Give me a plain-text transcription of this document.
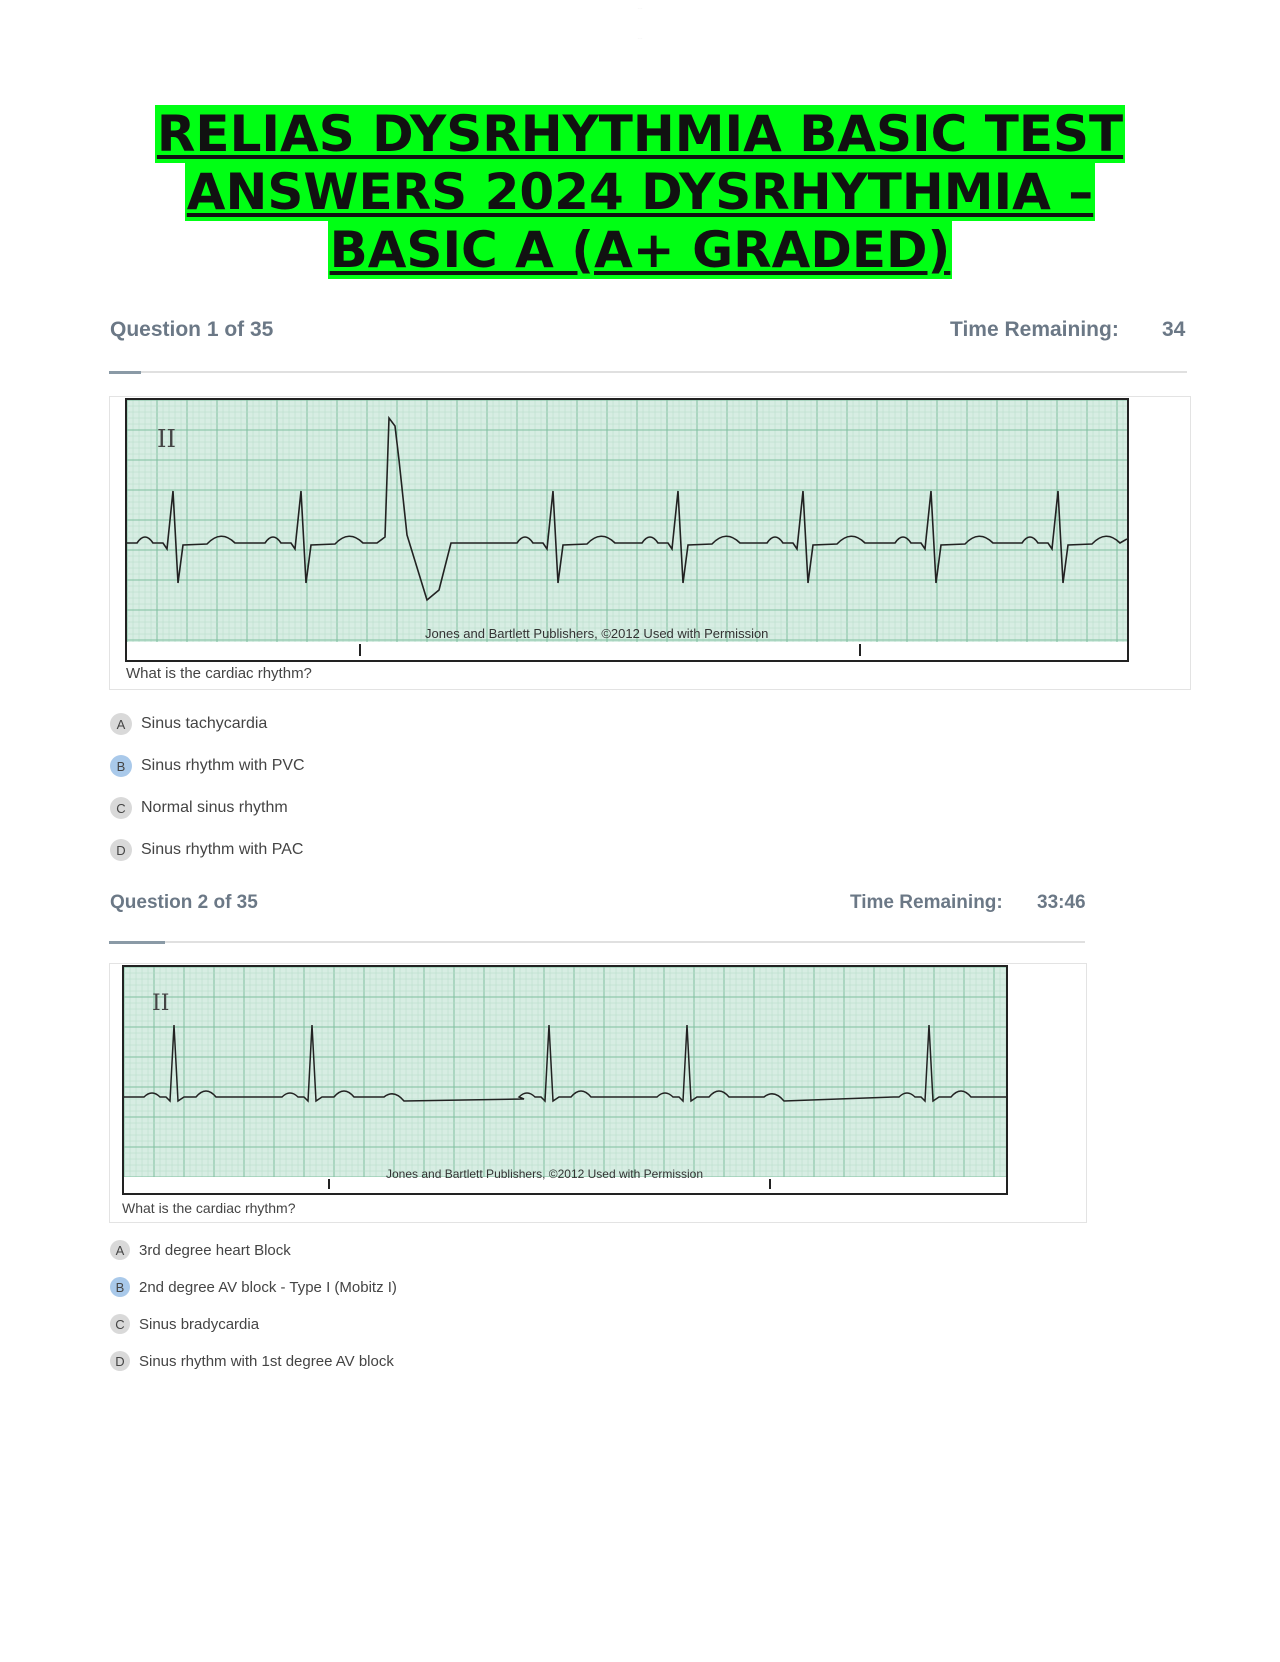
· · ·
· · ·
RELIAS DYSRHYTHMIA BASIC TEST
ANSWERS 2024 DYSRHYTHMIA –
BASIC A (A+ GRADED)
Question 1 of 35	Time Remaining: 34
II
Jones and Bartlett Publishers, ©2012 Used with Permission
What is the cardiac rhythm?
A Sinus tachycardia
B Sinus rhythm with PVC
C Normal sinus rhythm
D Sinus rhythm with PAC
Question 2 of 35	Time Remaining: 33:46
II
Jones and Bartlett Publishers, ©2012 Used with Permission
What is the cardiac rhythm?
A 3rd degree heart Block
B 2nd degree AV block - Type I (Mobitz I)
C Sinus bradycardia
D Sinus rhythm with 1st degree AV block
